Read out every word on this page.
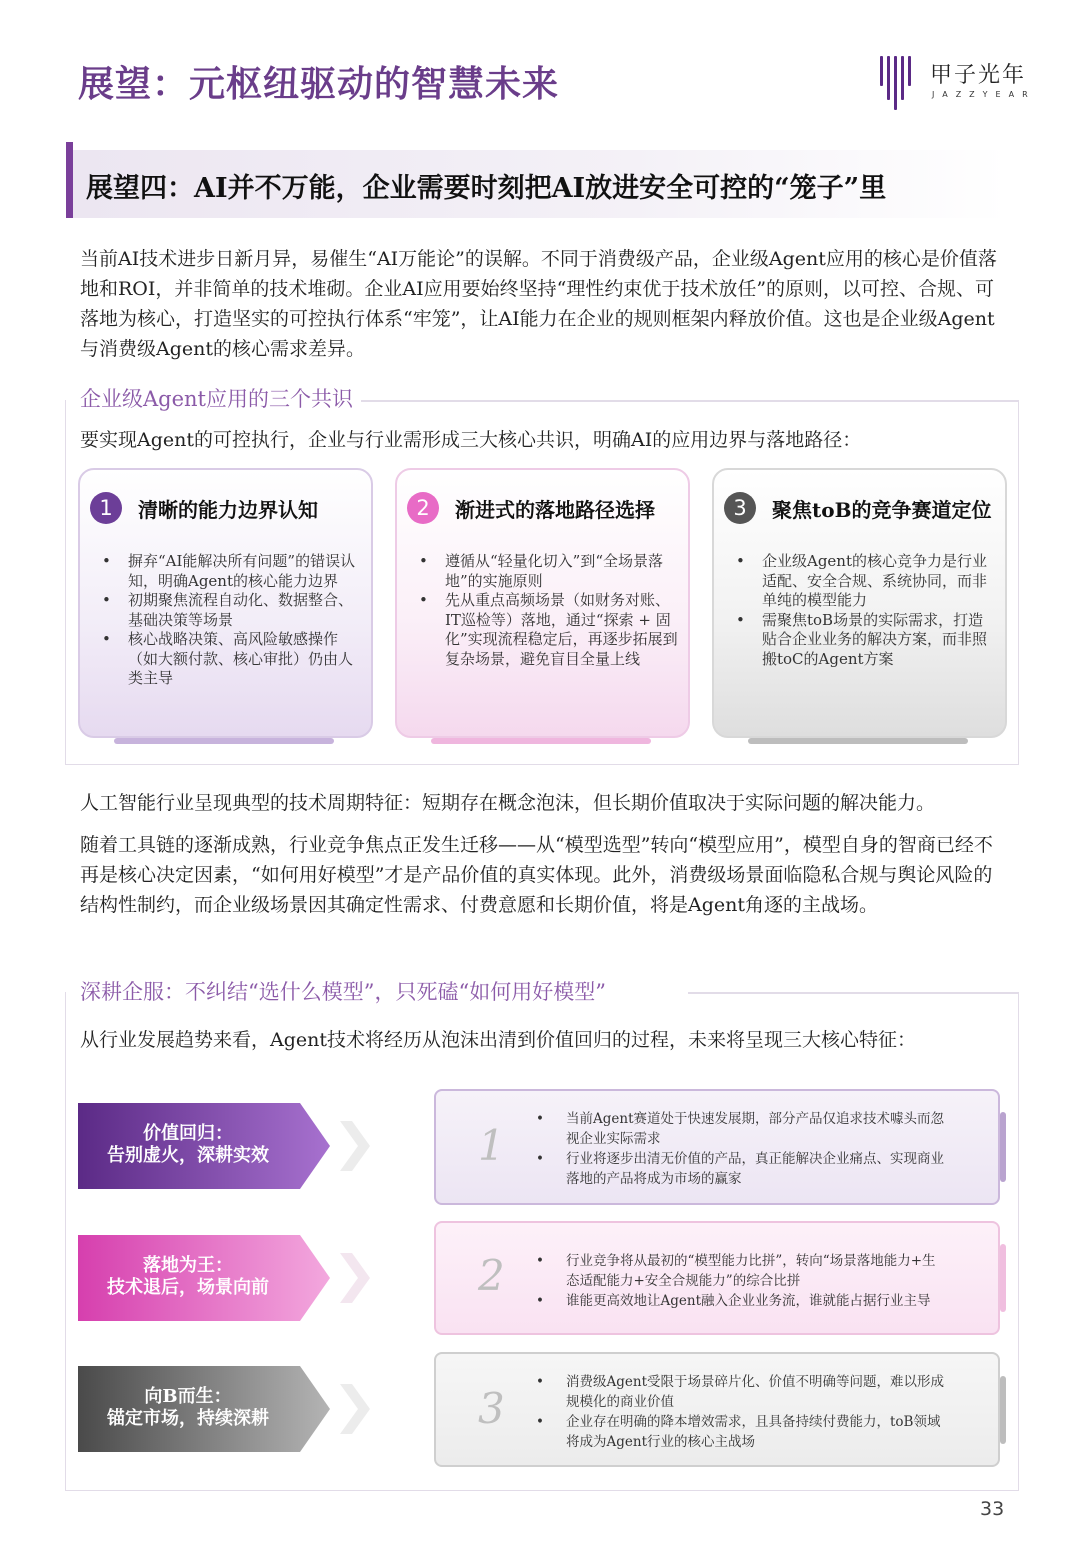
展望：元枢纽驱动的智慧未来	甲子光年
JAZZYEAR
展望四：AI并不万能，企业需要时刻把AI放进安全可控的“笼子”里
当前AI技术进步日新月异，易催生“AI万能论”的误解。不同于消费级产品，企业级Agent应用的核心是价值落地和ROI，并非简单的技术堆砌。企业AI应用要始终坚持“理性约束优于技术放任”的原则，以可控、合规、可落地为核心，打造坚实的可控执行体系“牢笼”，让AI能力在企业的规则框架内释放价值。这也是企业级Agent与消费级Agent的核心需求差异。
企业级Agent应用的三个共识
要实现Agent的可控执行，企业与行业需形成三大核心共识，明确AI的应用边界与落地路径：
1	清晰的能力边界认知
• 摒弃“AI能解决所有问题”的错误认知，明确Agent的核心能力边界
• 初期聚焦流程自动化、数据整合、基础决策等场景
• 核心战略决策、高风险敏感操作（如大额付款、核心审批）仍由人类主导
2	渐进式的落地路径选择
• 遵循从“轻量化切入”到“全场景落地”的实施原则
• 先从重点高频场景（如财务对账、IT巡检等）落地，通过“探索 + 固化”实现流程稳定后，再逐步拓展到复杂场景，避免盲目全量上线
3	聚焦toB的竞争赛道定位
• 企业级Agent的核心竞争力是行业适配、安全合规、系统协同，而非单纯的模型能力
• 需聚焦toB场景的实际需求，打造贴合企业业务的解决方案，而非照搬toC的Agent方案
人工智能行业呈现典型的技术周期特征：短期存在概念泡沫，但长期价值取决于实际问题的解决能力。
随着工具链的逐渐成熟，行业竞争焦点正发生迁移——从“模型选型”转向“模型应用”，模型自身的智商已经不再是核心决定因素，“如何用好模型”才是产品价值的真实体现。此外，消费级场景面临隐私合规与舆论风险的结构性制约，而企业级场景因其确定性需求、付费意愿和长期价值，将是Agent角逐的主战场。
深耕企服：不纠结“选什么模型”，只死磕“如何用好模型”
从行业发展趋势来看，Agent技术将经历从泡沫出清到价值回归的过程，未来将呈现三大核心特征：
价值回归：
告别虚火，深耕实效	1
• 当前Agent赛道处于快速发展期，部分产品仅追求技术噱头而忽视企业实际需求
• 行业将逐步出清无价值的产品，真正能解决企业痛点、实现商业落地的产品将成为市场的赢家
落地为王：
技术退后，场景向前	2
•	行业竞争将从最初的“模型能力比拼”，转向“场景落地能力+生态适配能力+安全合规能力”的综合比拼
• 谁能更高效地让Agent融入企业业务流，谁就能占据行业主导
向B而生：
锚定市场，持续深耕	3
• 消费级Agent受限于场景碎片化、价值不明确等问题，难以形成规模化的商业价值
• 企业存在明确的降本增效需求，且具备持续付费能力，toB领域将成为Agent行业的核心主战场
33
